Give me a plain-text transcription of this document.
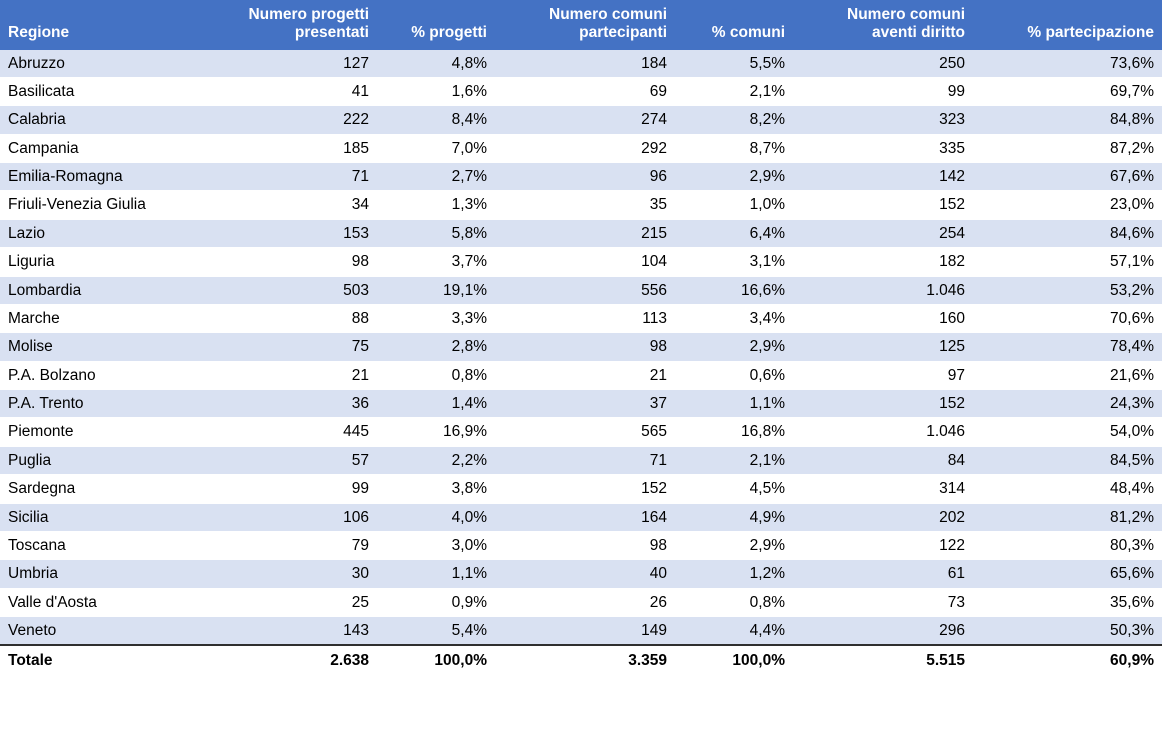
Regione	Numero progetti presentati	% progetti	Numero comuni partecipanti	% comuni	Numero comuni aventi diritto	% partecipazione
Abruzzo	127	4,8%	184	5,5%	250	73,6%
Basilicata	41	1,6%	69	2,1%	99	69,7%
Calabria	222	8,4%	274	8,2%	323	84,8%
Campania	185	7,0%	292	8,7%	335	87,2%
Emilia-Romagna	71	2,7%	96	2,9%	142	67,6%
Friuli-Venezia Giulia	34	1,3%	35	1,0%	152	23,0%
Lazio	153	5,8%	215	6,4%	254	84,6%
Liguria	98	3,7%	104	3,1%	182	57,1%
Lombardia	503	19,1%	556	16,6%	1.046	53,2%
Marche	88	3,3%	113	3,4%	160	70,6%
Molise	75	2,8%	98	2,9%	125	78,4%
P.A. Bolzano	21	0,8%	21	0,6%	97	21,6%
P.A. Trento	36	1,4%	37	1,1%	152	24,3%
Piemonte	445	16,9%	565	16,8%	1.046	54,0%
Puglia	57	2,2%	71	2,1%	84	84,5%
Sardegna	99	3,8%	152	4,5%	314	48,4%
Sicilia	106	4,0%	164	4,9%	202	81,2%
Toscana	79	3,0%	98	2,9%	122	80,3%
Umbria	30	1,1%	40	1,2%	61	65,6%
Valle d'Aosta	25	0,9%	26	0,8%	73	35,6%
Veneto	143	5,4%	149	4,4%	296	50,3%
Totale	2.638	100,0%	3.359	100,0%	5.515	60,9%
